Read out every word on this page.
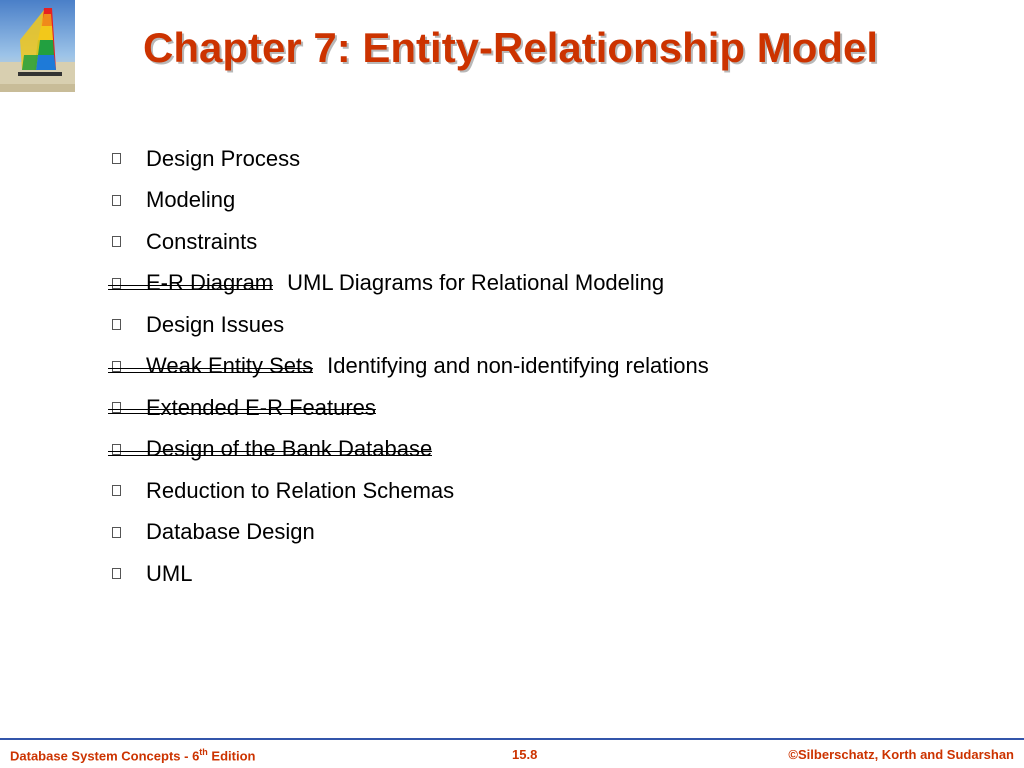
Chapter 7: Entity-Relationship Model
Design Process
Modeling
Constraints
E-R Diagram UML Diagrams for Relational Modeling
Design Issues
Weak Entity Sets Identifying and non-identifying relations
Extended E-R Features
Design of the Bank Database
Reduction to Relation Schemas
Database Design
UML
Database System Concepts - 6th Edition	15.8	©Silberschatz, Korth and Sudarshan
